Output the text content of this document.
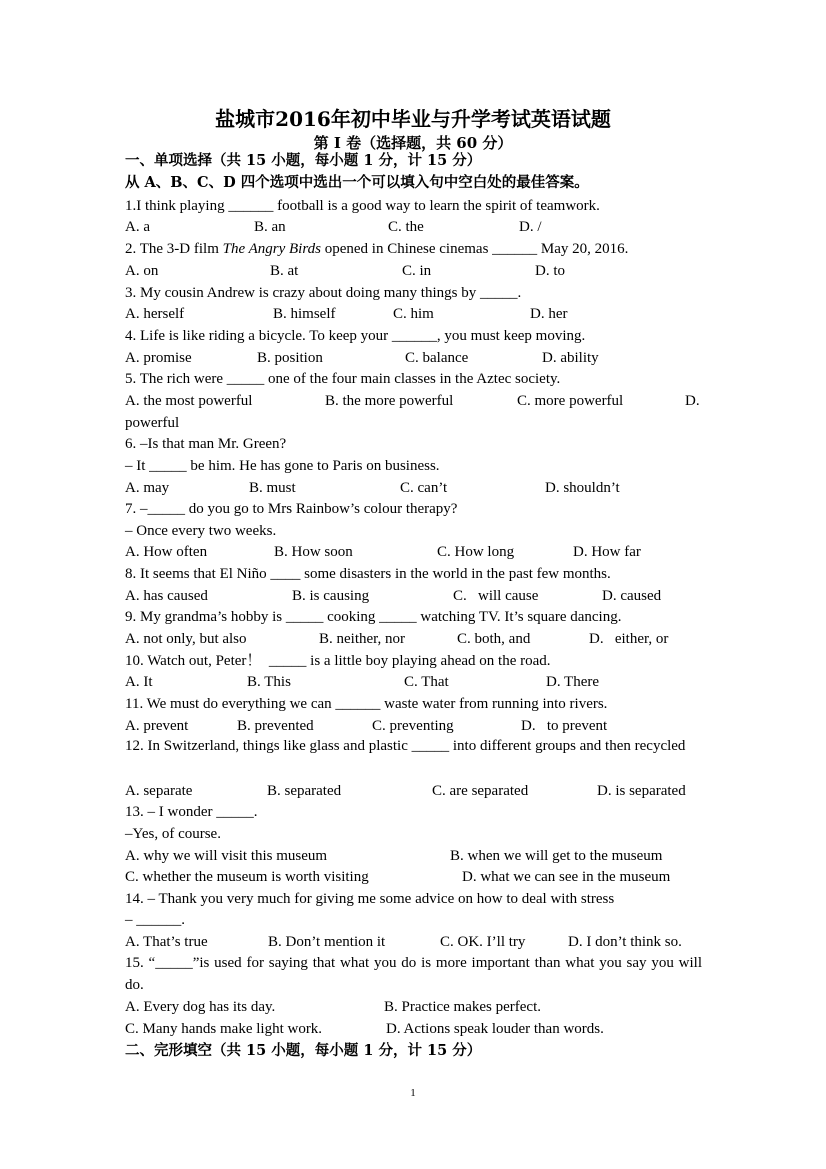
盐城市2016年初中毕业与升学考试英语试题
第 I 卷（选择题，共 60 分）
一、单项选择（共 15 小题，每小题 1 分，计 15 分）
从 A、B、C、D 四个选项中选出一个可以填入句中空白处的最佳答案。
1.I think playing ______ football is a good way to learn the spirit of teamwork.
A. a	B. an	C. the	D. /
2. The 3-D film The Angry Birds opened in Chinese cinemas ______ May 20, 2016.
A. on	B. at	C. in	D. to
3. My cousin Andrew is crazy about doing many things by _____.
A. herself	B. himself	C. him	D. her
4. Life is like riding a bicycle. To keep your ______, you must keep moving.
A. promise	B. position	C. balance	D. ability
5. The rich were _____ one of the four main classes in the Aztec society.
A. the most powerful	B. the more powerful	C. more powerful	D.
powerful
6. –Is that man Mr. Green?
– It _____ be him. He has gone to Paris on business.
A. may	B. must	C. can’t	D. shouldn’t
7. –_____ do you go to Mrs Rainbow’s colour therapy?
– Once every two weeks.
A. How often	B. How soon	C. How long	D. How far
8. It seems that El Niño ____ some disasters in the world in the past few months.
A. has caused	B. is causing	C.   will cause	D. caused
9. My grandma’s hobby is _____ cooking _____ watching TV. It’s square dancing.
A. not only, but also	B. neither, nor	C. both, and	D.   either, or
10. Watch out, Peter！  _____ is a little boy playing ahead on the road.
A. It	B. This	C. That	D. There
11. We must do everything we can ______ waste water from running into rivers.
A. prevent	B. prevented	C. preventing	D.   to prevent
12. In Switzerland, things like glass and plastic _____ into different groups and then recycled
A. separate	B. separated	C. are separated	D. is separated
13. – I wonder _____.
–Yes, of course.
A. why we will visit this museum	B. when we will get to the museum
C. whether the museum is worth visiting	D. what we can see in the museum
14. – Thank you very much for giving me some advice on how to deal with stress
– ______.
A. That’s true	B. Don’t mention it	C. OK. I’ll try	D. I don’t think so.
15. “_____”is used for saying that what you do is more important than what you say you will do.
A. Every dog has its day.	B. Practice makes perfect.
C. Many hands make light work.	D. Actions speak louder than words.
二、完形填空（共 15 小题，每小题 1 分，计 15 分）
1
